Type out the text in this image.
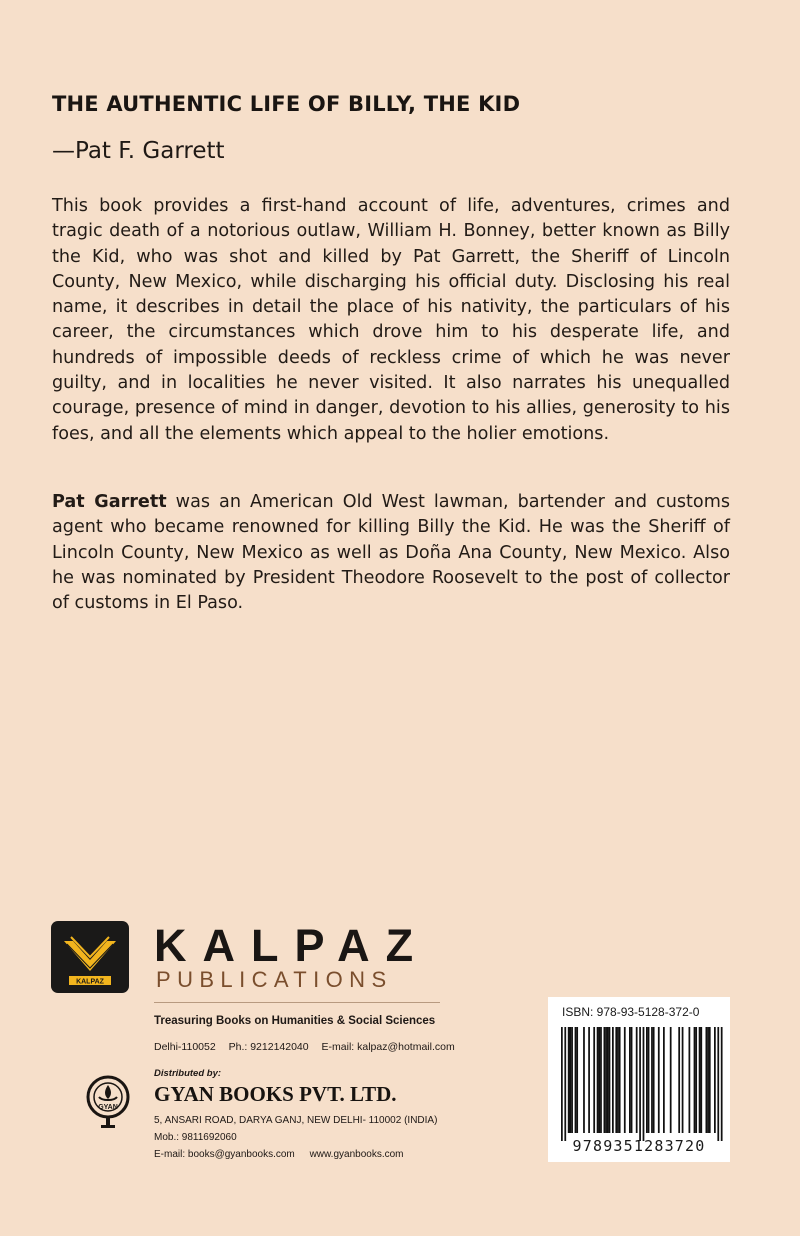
THE AUTHENTIC LIFE OF BILLY, THE KID
—Pat F. Garrett

This book provides a first-hand account of life, adventures, crimes and tragic death of a notorious outlaw, William H. Bonney, better known as Billy the Kid, who was shot and killed by Pat Garrett, the Sheriff of Lincoln County, New Mexico, while discharging his official duty. Disclosing his real name, it describes in detail the place of his nativity, the particulars of his career, the circumstances which drove him to his desperate life, and hundreds of impossible deeds of reckless crime of which he was never guilty, and in localities he never visited. It also narrates his unequalled courage, presence of mind in danger, devotion to his allies, generosity to his foes, and all the elements which appeal to the holier emotions.

Pat Garrett was an American Old West lawman, bartender and customs agent who became renowned for killing Billy the Kid. He was the Sheriff of Lincoln County, New Mexico as well as Doña Ana County, New Mexico. Also he was nominated by President Theodore Roosevelt to the post of collector of customs in El Paso.

KALPAZ
KALPAZ
PUBLICATIONS
Treasuring Books on Humanities & Social Sciences
Delhi-110052 Ph.: 9212142040 E-mail: kalpaz@hotmail.com
Distributed by:
GYAN
GYAN BOOKS PVT. LTD.
5, ANSARI ROAD, DARYA GANJ, NEW DELHI- 110002 (INDIA)
Mob.: 9811692060
E-mail: books@gyanbooks.com www.gyanbooks.com
ISBN: 978-93-5128-372-0
9789351283720
